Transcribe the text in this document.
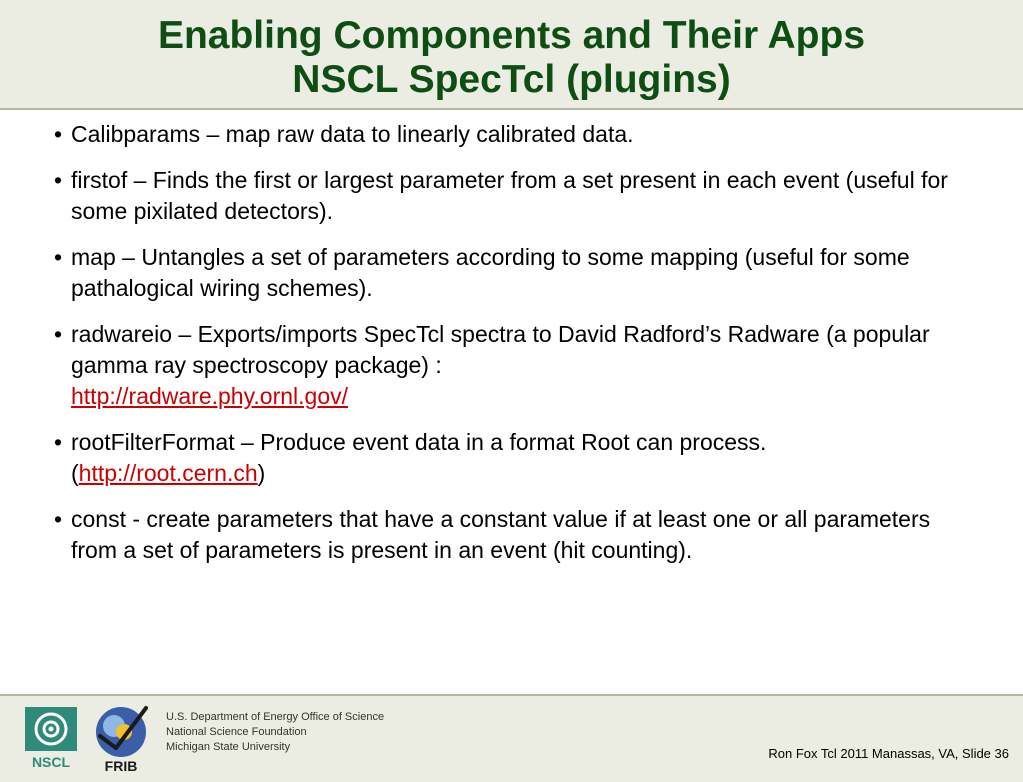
Enabling Components and Their Apps
NSCL SpecTcl (plugins)
• Calibparams – map raw data to linearly calibrated data.
• firstof – Finds the first or largest parameter from a set present in each event (useful for some pixilated detectors).
• map – Untangles a set of parameters according to some mapping (useful for some pathalogical wiring schemes).
• radwareio – Exports/imports SpecTcl spectra to David Radford’s Radware (a popular gamma ray spectroscopy package) :
http://radware.phy.ornl.gov/
• rootFilterFormat – Produce event data in a format Root can process.
(http://root.cern.ch)
• const - create parameters that have a constant value if at least one or all parameters from a set of parameters is present in an event (hit counting).
NSCL FRIB
U.S. Department of Energy Office of Science
National Science Foundation
Michigan State University	Ron Fox Tcl 2011 Manassas, VA, Slide 36
